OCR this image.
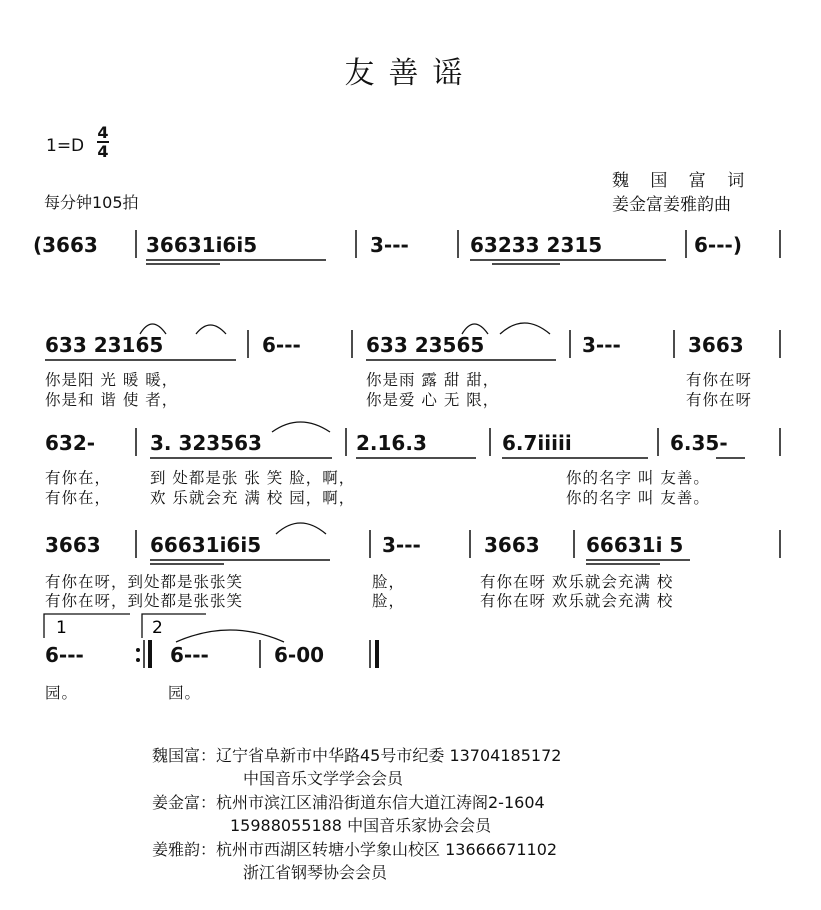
友善谣
1=D
4
4
每分钟105拍
魏 国 富 词
姜金富姜雅韵曲
(3663 36631i6i5	3---	63233 2315	6---)
633 23165	6---	633 23565	3---	3663
632-	3. 323563	2.16.3	6.7iiiii	6.35-
3663 66631i6i5	3---	3663 66631i 5
1	2
6---	6---	6-00
你是阳 光 暖 暖，	你是雨 露 甜 甜，	有你在呀
你是和 谐 使 者，	你是爱 心 无 限，	有你在呀
有你在，	到 处都是张 张 笑 脸，啊，	你的名字 叫 友善。
有你在，	欢 乐就会充 满 校 园，啊，	你的名字 叫 友善。
有你在呀，到处都是张张笑	脸，	有你在呀 欢乐就会充满 校
有你在呀，到处都是张张笑	脸，	有你在呀 欢乐就会充满 校
园。	园。
魏国富：辽宁省阜新市中华路45号市纪委 13704185172
中国音乐文学学会会员
姜金富：杭州市滨江区浦沿街道东信大道江涛阁2-1604
15988055188 中国音乐家协会会员
姜雅韵：杭州市西湖区转塘小学象山校区 13666671102
浙江省钢琴协会会员
